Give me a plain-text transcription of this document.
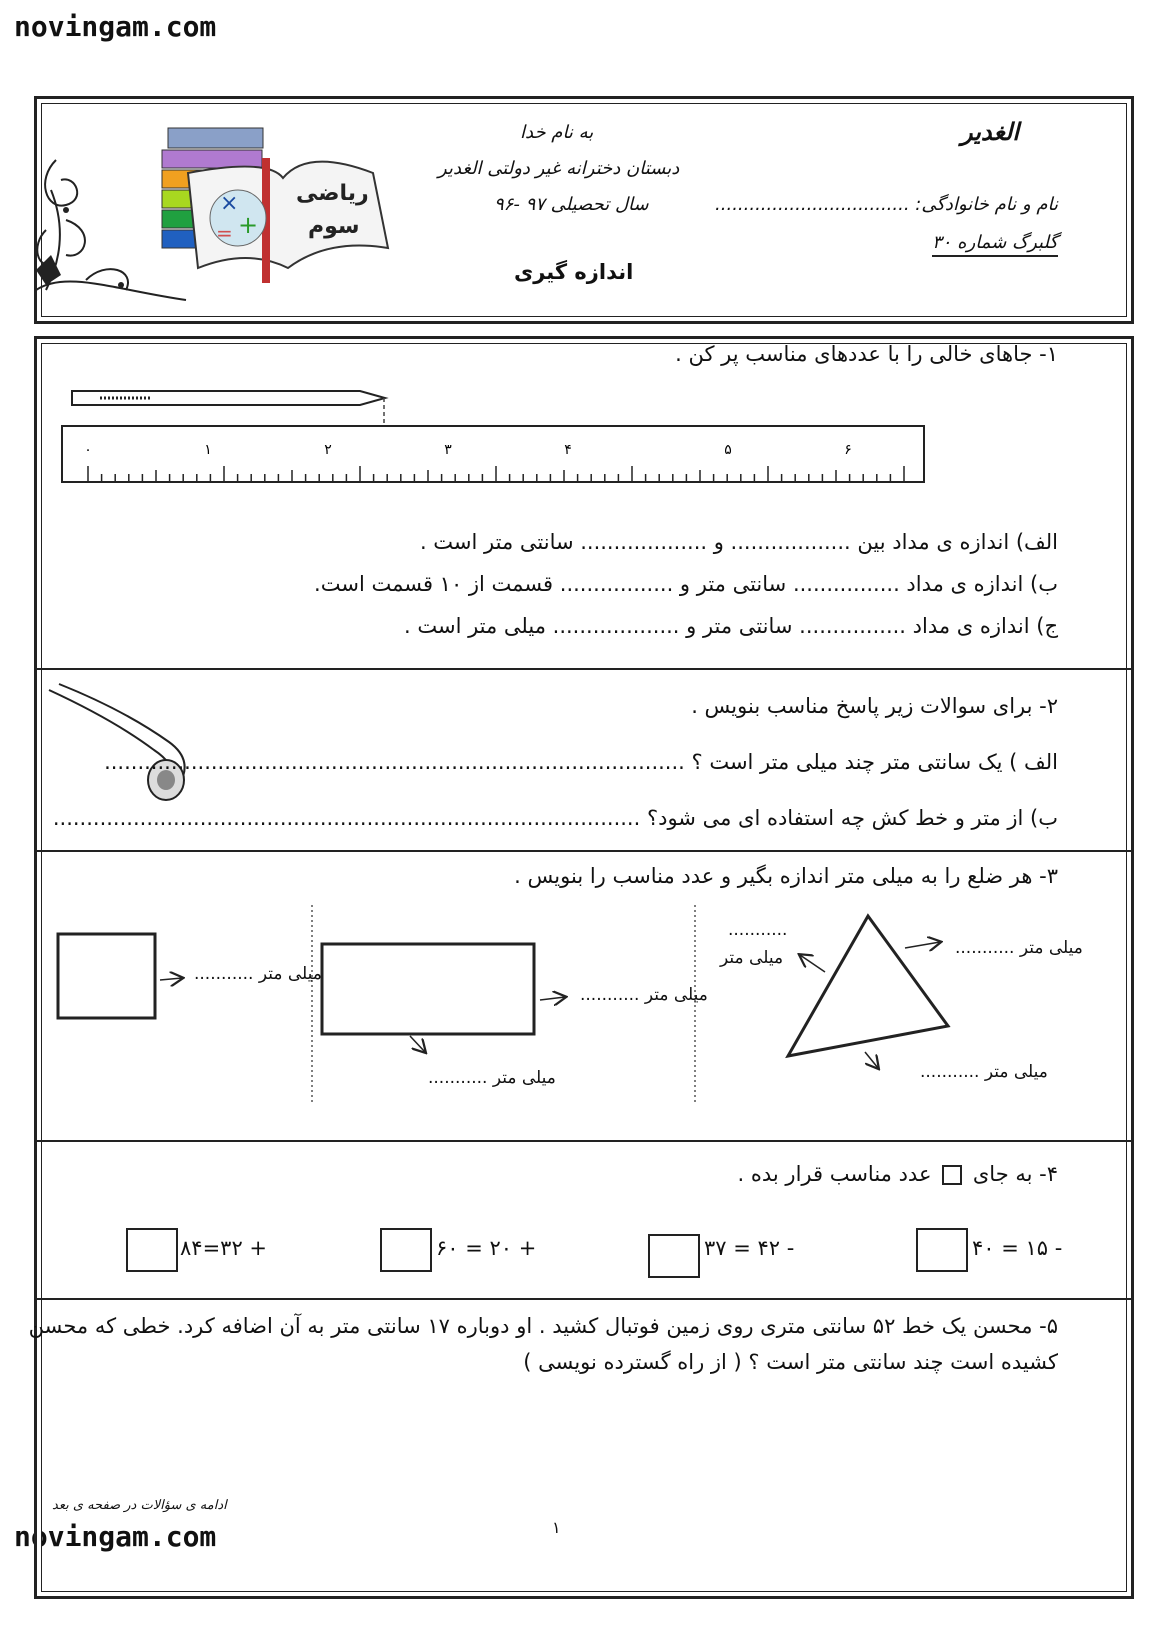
novingam.com
novingam.com
×
+
=
ریاضی
سوم
به نام خدا
دبستان دخترانه غیر دولتی الغدیر
سال تحصیلی ۹۷ -۹۶
اندازه گیری
الغدیر
نام و نام خانوادگی: ..................................
گلبرگ شماره ۳۰
۱- جاهای خالی را با عددهای مناسب پر کن .
۰	۱	۲	۳	۴	۵	۶
الف) اندازه ی مداد بین .................. و ................... سانتی متر است .
ب) اندازه ی مداد ................ سانتی متر و ................. قسمت از ۱۰ قسمت است.
ج) اندازه ی مداد ................ سانتی متر و ................... میلی متر است .
۲- برای سوالات زیر پاسخ مناسب بنویس .
الف ) یک سانتی متر چند میلی متر است ؟ .......................................................................................
ب) از متر و خط کش چه استفاده ای می شود؟ ........................................................................................
۳- هر ضلع را به میلی متر اندازه بگیر و عدد مناسب را بنویس .
میلی متر ...........
میلی متر ...........
میلی متر ...........
میلی متر ...........
...........
میلی متر
میلی متر ...........
۴- به جای  عدد مناسب قرار بده .
- ۱۵ = ۴۰
- ۴۲ = ۳۷
+ ۲۰ = ۶۰
+ ۳۲=۸۴
۵- محسن یک خط ۵۲ سانتی متری روی زمین فوتبال کشید . او دوباره ۱۷ سانتی متر به آن اضافه کرد. خطی که محسن
کشیده است چند سانتی متر است ؟ ( از راه گسترده نویسی )
ادامه ی سؤالات در صفحه ی بعد
۱
